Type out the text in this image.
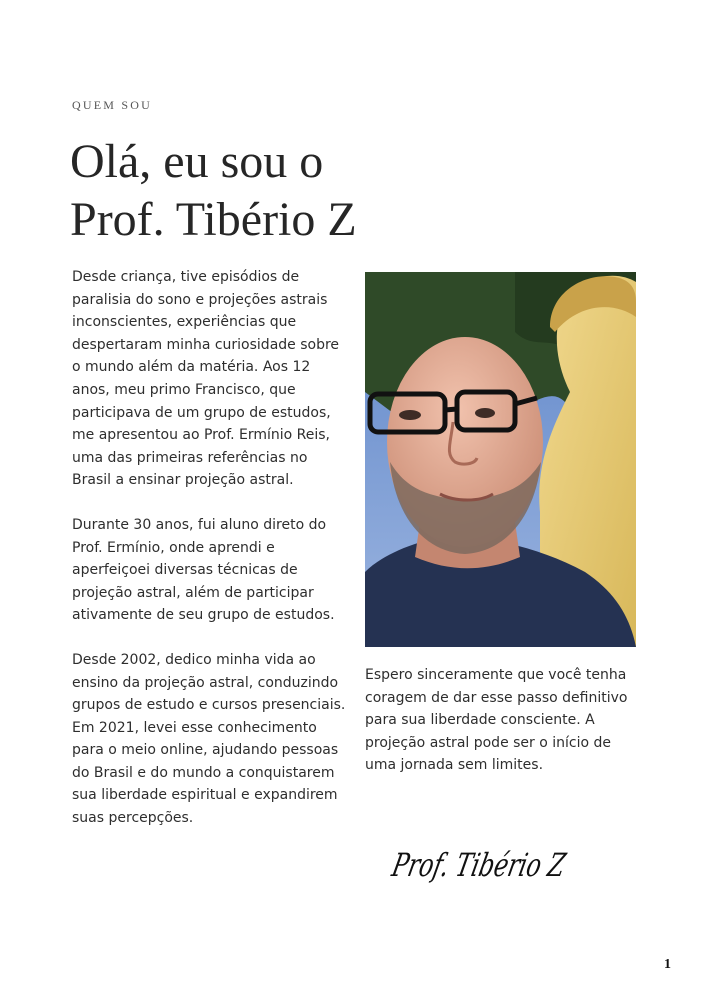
QUEM SOU
Olá, eu sou o
Prof. Tibério Z

Desde criança, tive episódios de paralisia do sono e projeções astrais inconscientes, experiências que despertaram minha curiosidade sobre o mundo além da matéria. Aos 12 anos, meu primo Francisco, que participava de um grupo de estudos, me apresentou ao Prof. Ermínio Reis, uma das primeiras referências no Brasil a ensinar projeção astral.

Durante 30 anos, fui aluno direto do Prof. Ermínio, onde aprendi e aperfeiçoei diversas técnicas de projeção astral, além de participar ativamente de seu grupo de estudos.

Desde 2002, dedico minha vida ao ensino da projeção astral, conduzindo grupos de estudo e cursos presenciais. Em 2021, levei esse conhecimento para o meio online, ajudando pessoas do Brasil e do mundo a conquistarem sua liberdade espiritual e expandirem suas percepções.

Espero sinceramente que você tenha coragem de dar esse passo definitivo para sua liberdade consciente. A projeção astral pode ser o início de uma jornada sem limites.

Prof. Tibério Z
1
